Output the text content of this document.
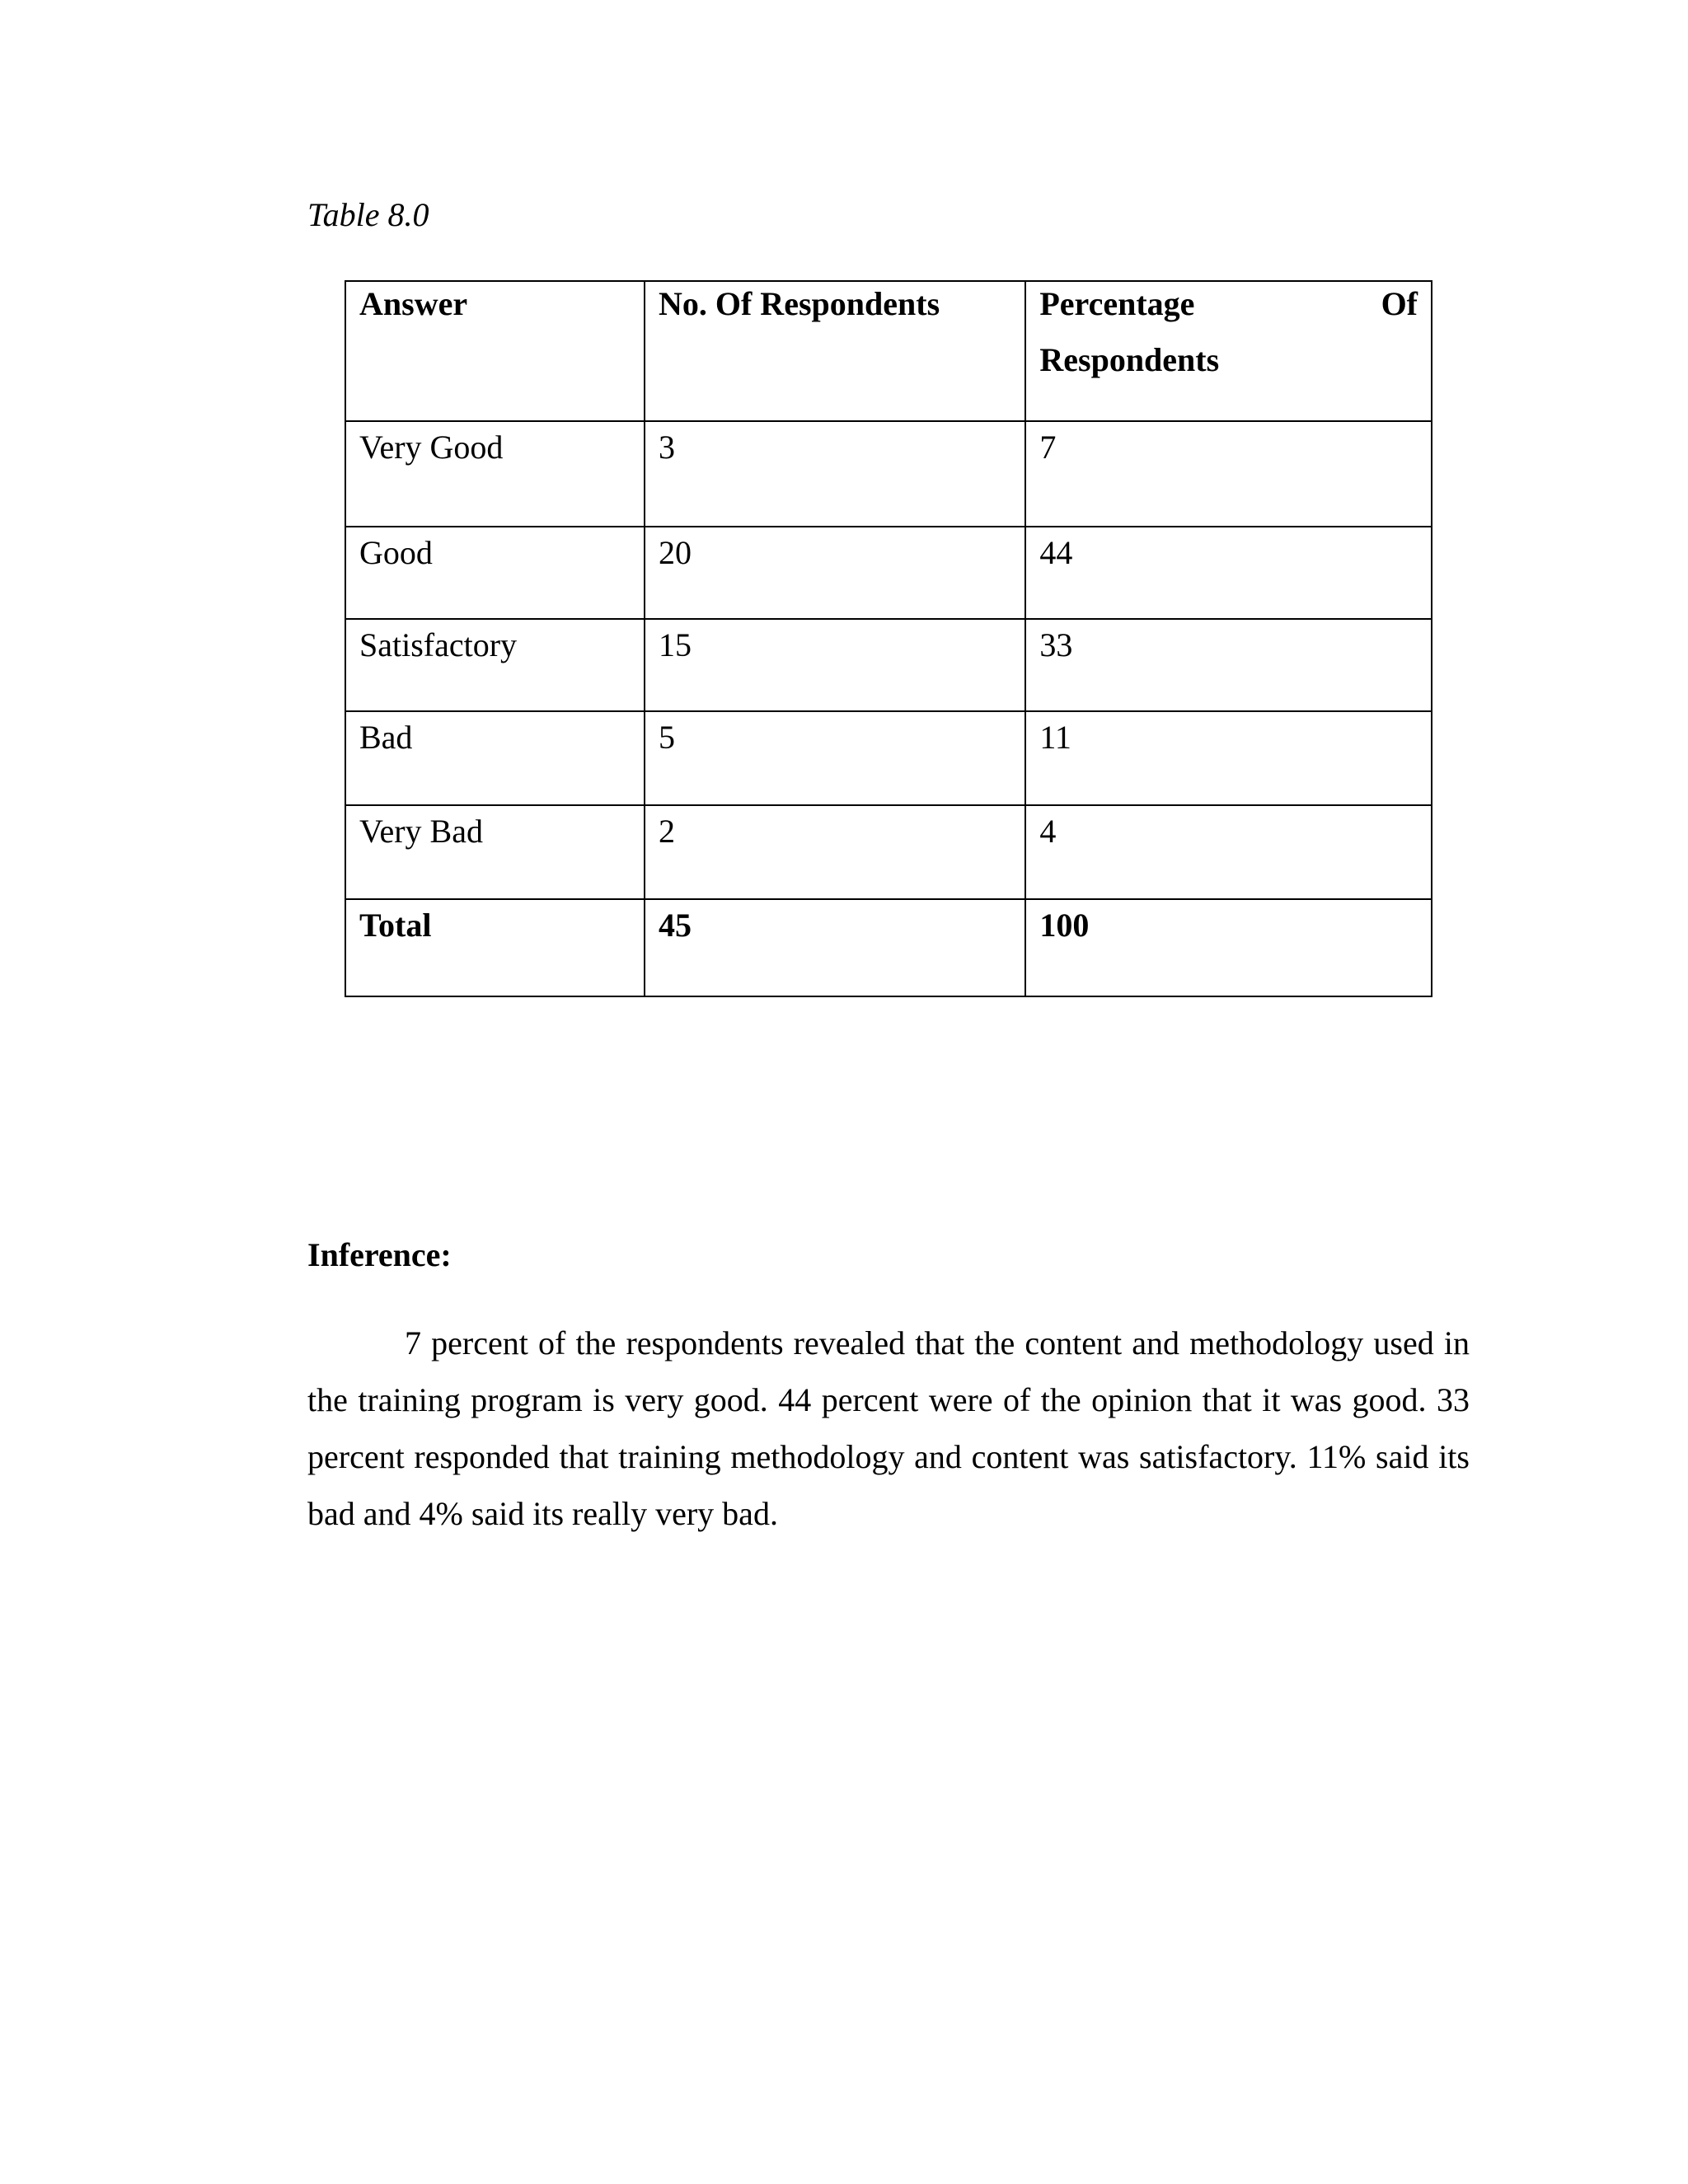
Table 8.0
Answer	No. Of Respondents	Percentage Of
Respondents

Very Good	3	7
Good	20	44
Satisfactory	15	33
Bad	5	11
Very Bad	2	4
Total	45	100
Inference:

7 percent of the respondents revealed that the content and methodology used in the training program is very good. 44 percent were of the opinion that it was good. 33 percent responded that training methodology and content was satisfactory. 11% said its bad and 4% said its really very bad.
